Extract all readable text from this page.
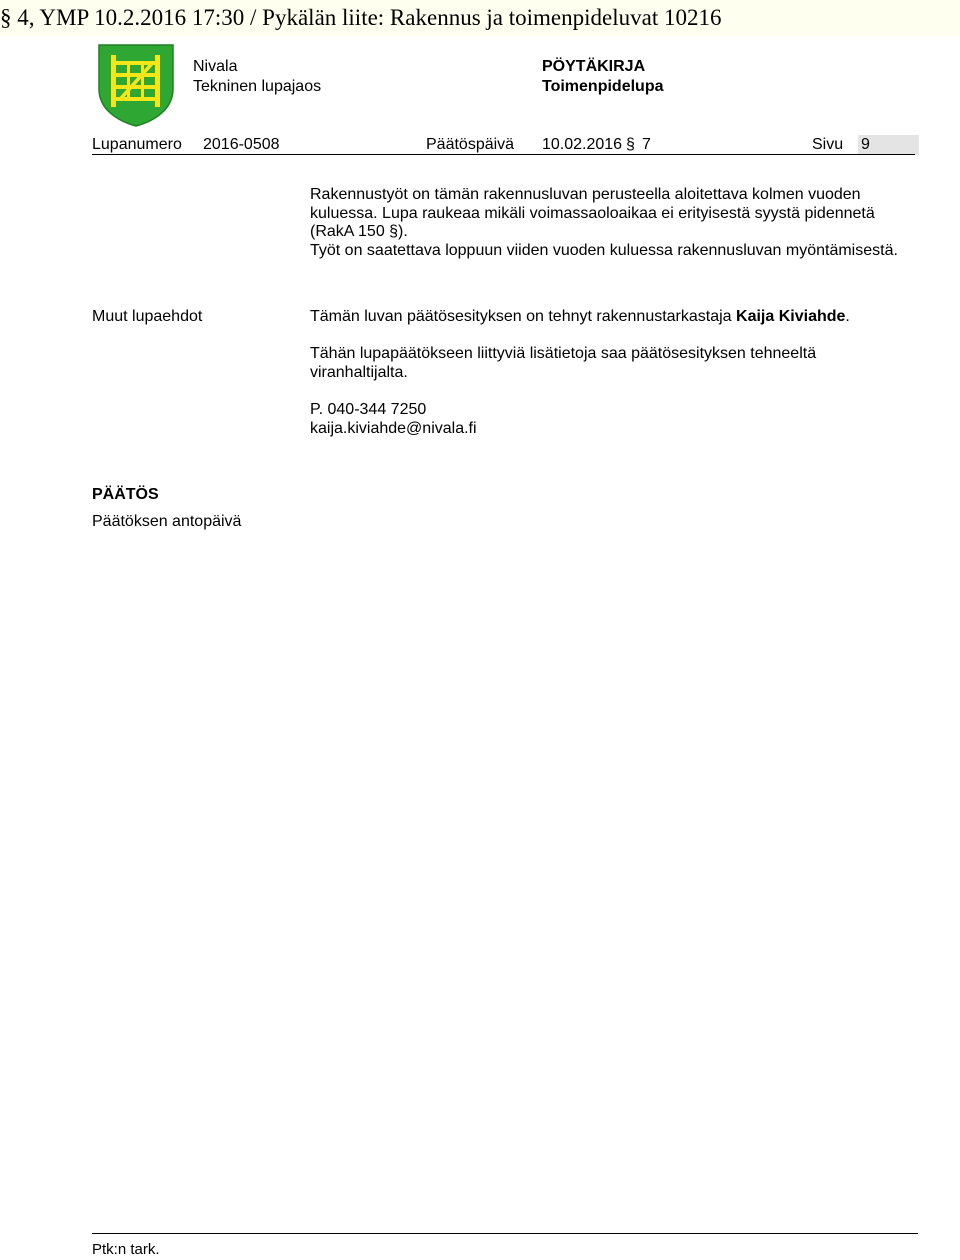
§ 4, YMP 10.2.2016 17:30 / Pykälän liite: Rakennus ja toimenpideluvat 10216
Nivala
Tekninen lupajaos
PÖYTÄKIRJA
Toimenpidelupa
Lupanumero 2016-0508	Päätöspäivä 10.02.2016 § 7	Sivu 9

Rakennustyöt on tämän rakennusluvan perusteella aloitettava kolmen vuoden

kuluessa. Lupa raukeaa mikäli voimassaoloaikaa ei erityisestä syystä pidennetä

(RakA 150 §).

Työt on saatettava loppuun viiden vuoden kuluessa rakennusluvan myöntämisestä.

Muut lupaehdot	Tämän luvan päätösesityksen on tehnyt rakennustarkastaja Kaija Kiviahde.

Tähän lupapäätökseen liittyviä lisätietoja saa päätösesityksen tehneeltä

viranhaltijalta.

P. 040-344 7250

kaija.kiviahde@nivala.fi

PÄÄTÖS
Päätöksen antopäivä
Ptk:n tark.
